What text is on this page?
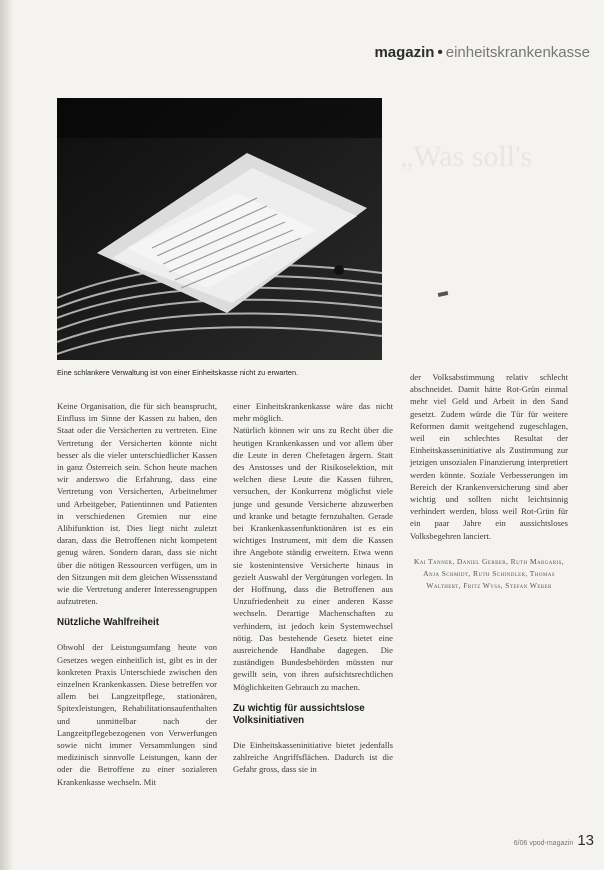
magazin • einheitskrankenkasse
Eine schlankere Verwaltung ist von einer Einheitskasse nicht zu erwarten.
„Was soll's

Keine Organisation, die für sich beansprucht, Einfluss im Sinne der Kassen zu haben, den Staat oder die Versicherten zu vertreten. Eine Vertretung der Versicherten könnte nicht besser als die vieler unterschiedlicher Kassen in ganz Österreich sein. Schon heute machen wir anderswo die Erfahrung, dass eine Vertretung von Versicherten, Arbeitnehmer und Arbeitgeber, Patientinnen und Patienten in verschiedenen Gremien nur eine Alibifunktion ist. Dies liegt nicht zuletzt daran, dass die Betroffenen nicht kompetent genug wären. Sondern daran, dass sie nicht über die nötigen Ressourcen verfügen, um in den Sitzungen mit dem gleichen Wissensstand wie die Vertretung anderer Interessengruppen aufzutreten.

Nützliche Wahlfreiheit

Obwohl der Leistungsumfang heute von Gesetzes wegen einheitlich ist, gibt es in der konkreten Praxis Unterschiede zwischen den einzelnen Krankenkassen. Diese betreffen vor allem bei Langzeitpflege, stationären, Spitexleistungen, Rehabilitationsaufenthalten und unmittelbar nach der Langzeitpflegebezogenen von Verwerfungen sowie nicht immer Versammlungen sind medizinisch sinnvolle Leistungen, kann der oder die Betroffene zu einer sozialeren Krankenkasse wechseln. Mit

einer Einheitskrankenkasse wäre das nicht mehr möglich.

Natürlich können wir uns zu Recht über die heutigen Krankenkassen und vor allem über die Leute in deren Chefetagen ärgern. Statt des Anstosses und der Risikoselektion, mit welchen diese Leute die Kassen führen, versuchen, der Konkurrenz möglichst viele junge und gesunde Versicherte abzuwerben und kranke und betagte fernzuhalten. Gerade bei Krankenkassenfunktionären ist es ein wichtiges Instrument, mit dem die Kassen ihre Angebote ständig erweitern. Etwa wenn sie kostenintensive Versicherte hinaus in gezielt Auswahl der Vergütungen vorlegen. In der Hoffnung, dass die Betroffenen aus Unzufriedenheit zu einer anderen Kasse wechseln. Derartige Machenschaften zu verhindern, ist jedoch kein Systemwechsel nötig. Das bestehende Gesetz bietet eine ausreichende Handhabe dagegen. Die zuständigen Bundesbehörden müssten nur gewillt sein, von ihren aufsichtsrechtlichen Möglichkeiten Gebrauch zu machen.

Zu wichtig für aussichtslose Volksinitiativen

Die Einheitskasseninitiative bietet jedenfalls zahlreiche Angriffsflächen. Dadurch ist die Gefahr gross, dass sie in

der Volksabstimmung relativ schlecht abschneidet. Damit hätte Rot-Grün einmal mehr viel Geld und Arbeit in den Sand gesetzt. Zudem würde die Tür für weitere Reformen damit weitgehend zugeschlagen, weil ein schlechtes Resultat der Einheitskasseninitiative als Zustimmung zur jetzigen unsozialen Finanzierung interpretiert werden könnte. Soziale Verbesserungen im Bereich der Krankenversicherung sind aber wichtig und sollten nicht leichtsinnig verhindert werden, bloss weil Rot-Grün für ein paar Jahre ein aussichtsloses Volksbegehren lanciert.

Kai Tanner, Daniel Gerber, Ruth Margaris, Anja Schmidt, Ruth Schindler, Thomas Walthert, Fritz Wyss, Stefan Weber
6/06 vpod-magazin 13
